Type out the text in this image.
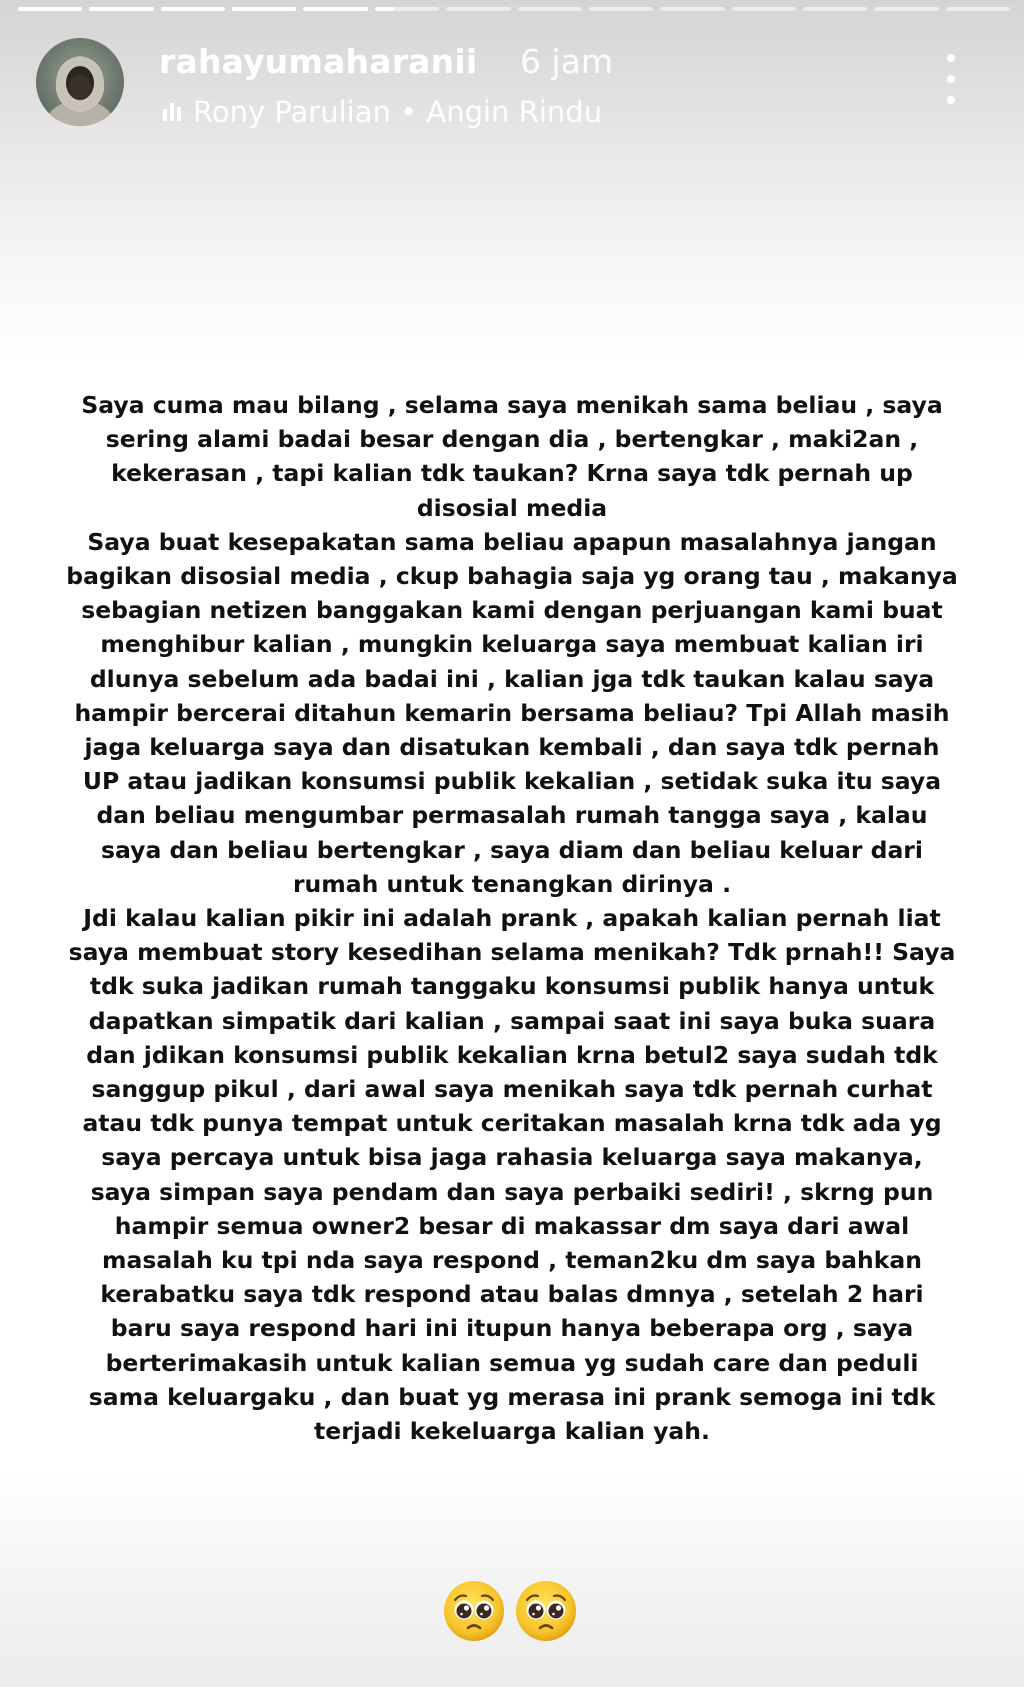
rahayumaharanii 6 jam
Rony Parulian • Angin Rindu
Saya cuma mau bilang , selama saya menikah sama beliau , saya
sering alami badai besar dengan dia , bertengkar , maki2an ,
kekerasan , tapi kalian tdk taukan? Krna saya tdk pernah up
disosial media
Saya buat kesepakatan sama beliau apapun masalahnya jangan
bagikan disosial media , ckup bahagia saja yg orang tau , makanya
sebagian netizen banggakan kami dengan perjuangan kami buat
menghibur kalian , mungkin keluarga saya membuat kalian iri
dlunya sebelum ada badai ini , kalian jga tdk taukan kalau saya
hampir bercerai ditahun kemarin bersama beliau? Tpi Allah masih
jaga keluarga saya dan disatukan kembali , dan saya tdk pernah
UP atau jadikan konsumsi publik kekalian , setidak suka itu saya
dan beliau mengumbar permasalah rumah tangga saya , kalau
saya dan beliau bertengkar , saya diam dan beliau keluar dari
rumah untuk tenangkan dirinya .
Jdi kalau kalian pikir ini adalah prank , apakah kalian pernah liat
saya membuat story kesedihan selama menikah? Tdk prnah!! Saya
tdk suka jadikan rumah tanggaku konsumsi publik hanya untuk
dapatkan simpatik dari kalian , sampai saat ini saya buka suara
dan jdikan konsumsi publik kekalian krna betul2 saya sudah tdk
sanggup pikul , dari awal saya menikah saya tdk pernah curhat
atau tdk punya tempat untuk ceritakan masalah krna tdk ada yg
saya percaya untuk bisa jaga rahasia keluarga saya makanya,
saya simpan saya pendam dan saya perbaiki sediri! , skrng pun
hampir semua owner2 besar di makassar dm saya dari awal
masalah ku tpi nda saya respond , teman2ku dm saya bahkan
kerabatku saya tdk respond atau balas dmnya , setelah 2 hari
baru saya respond hari ini itupun hanya beberapa org , saya
berterimakasih untuk kalian semua yg sudah care dan peduli
sama keluargaku , dan buat yg merasa ini prank semoga ini tdk
terjadi kekeluarga kalian yah.
